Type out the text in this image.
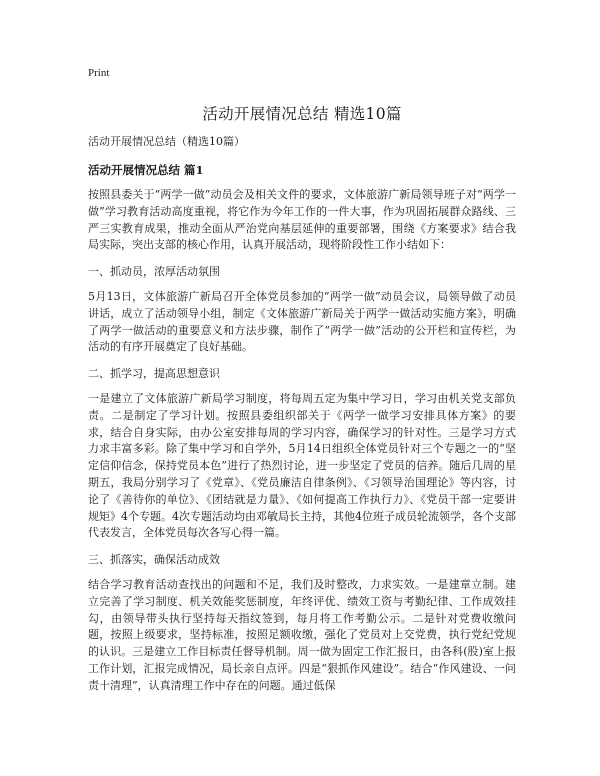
Print
活动开展情况总结 精选10篇
活动开展情况总结（精选10篇）
活动开展情况总结 篇1

按照县委关于“两学一做”动员会及相关文件的要求，文体旅游广新局领导班子对“两学一做”学习教育活动高度重视，将它作为今年工作的一件大事，作为巩固拓展群众路线、三严三实教育成果，推动全面从严治党向基层延伸的重要部署，围绕《方案要求》结合我局实际，突出支部的核心作用，认真开展活动，现将阶段性工作小结如下：

一、抓动员，浓厚活动氛围

5月13日，文体旅游广新局召开全体党员参加的“两学一做”动员会议，局领导做了动员讲话，成立了活动领导小组，制定《文体旅游广新局关于两学一做活动实施方案》，明确了两学一做活动的重要意义和方法步骤，制作了“两学一做”活动的公开栏和宣传栏，为活动的有序开展奠定了良好基础。

二、抓学习，提高思想意识

一是建立了文体旅游广新局学习制度，将每周五定为集中学习日，学习由机关党支部负责。二是制定了学习计划。按照县委组织部关于《两学一做学习安排具体方案》的要求，结合自身实际，由办公室安排每周的学习内容，确保学习的针对性。三是学习方式力求丰富多彩。除了集中学习和自学外，5月14日组织全体党员针对三个专题之一的“坚定信仰信念，保持党员本色”进行了热烈讨论，进一步坚定了党员的信养。随后几周的星期五，我局分别学习了《党章》、《党员廉洁自律条例》、《习领导治国理论》等内容，讨论了《善待你的单位》、《团结就是力量》、《如何提高工作执行力》、《党员干部一定要讲规矩》4个专题。4次专题活动均由邓敏局长主持，其他4位班子成员轮流领学，各个支部代表发言，全体党员每次各写心得一篇。

三、抓落实，确保活动成效

结合学习教育活动查找出的问题和不足，我们及时整改，力求实效。一是建章立制。建立完善了学习制度、机关效能奖惩制度，年终评优、绩效工资与考勤纪律、工作成效挂勾，由领导带头执行坚持每天指纹签到，每月将工作考勤公示。二是针对党费收缴问题，按照上级要求，坚持标准，按照足额收缴，强化了党员对上交党费，执行党纪党规的认识。三是建立工作目标责任督导机制。周一做为固定工作汇报日，由各科(股)室上报工作计划，汇报完成情况，局长亲自点评。四是“狠抓作风建设”。结合“作风建设、一问责十清理”，认真清理工作中存在的问题。通过低保
